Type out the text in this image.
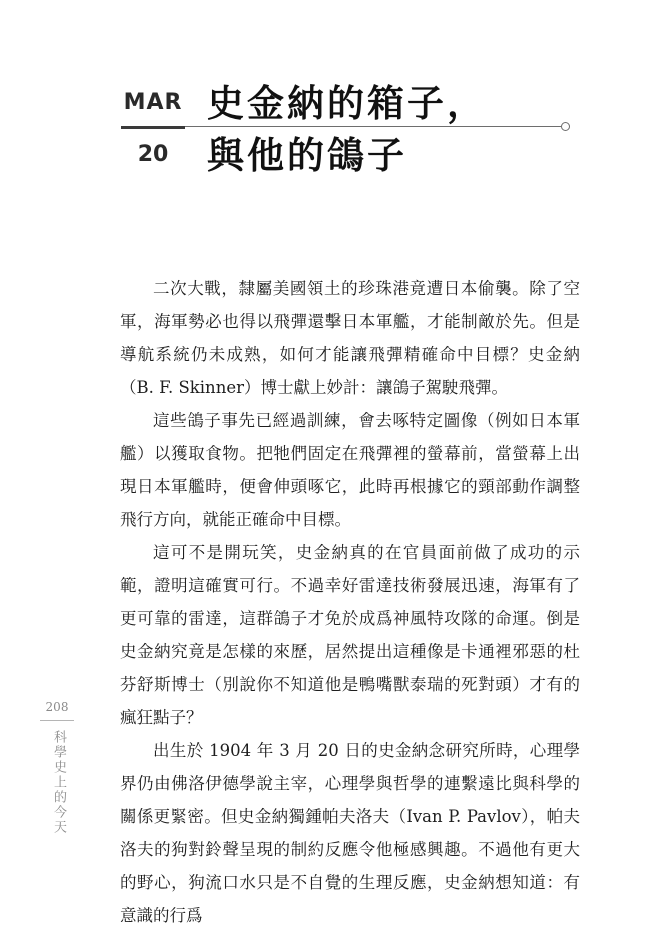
MAR
20
史金納的箱子，
與他的鴿子

二次大戰，隸屬美國領土的珍珠港竟遭日本偷襲。除了空軍，海軍勢必也得以飛彈還擊日本軍艦，才能制敵於先。但是導航系統仍未成熟，如何才能讓飛彈精確命中目標？史金納（B. F. Skinner）博士獻上妙計：讓鴿子駕駛飛彈。

這些鴿子事先已經過訓練，會去啄特定圖像（例如日本軍艦）以獲取食物。把牠們固定在飛彈裡的螢幕前，當螢幕上出現日本軍艦時，便會伸頭啄它，此時再根據它的頸部動作調整飛行方向，就能正確命中目標。

這可不是開玩笑，史金納真的在官員面前做了成功的示範，證明這確實可行。不過幸好雷達技術發展迅速，海軍有了更可靠的雷達，這群鴿子才免於成爲神風特攻隊的命運。倒是史金納究竟是怎樣的來歷，居然提出這種像是卡通裡邪惡的杜芬舒斯博士（別說你不知道他是鴨嘴獸泰瑞的死對頭）才有的瘋狂點子？

出生於 1904 年 3 月 20 日的史金納念研究所時，心理學界仍由佛洛伊德學說主宰，心理學與哲學的連繫遠比與科學的關係更緊密。但史金納獨鍾帕夫洛夫（Ivan P. Pavlov），帕夫洛夫的狗對鈴聲呈現的制約反應令他極感興趣。不過他有更大的野心，狗流口水只是不自覺的生理反應，史金納想知道：有意識的行爲

208
科學史上的今天
